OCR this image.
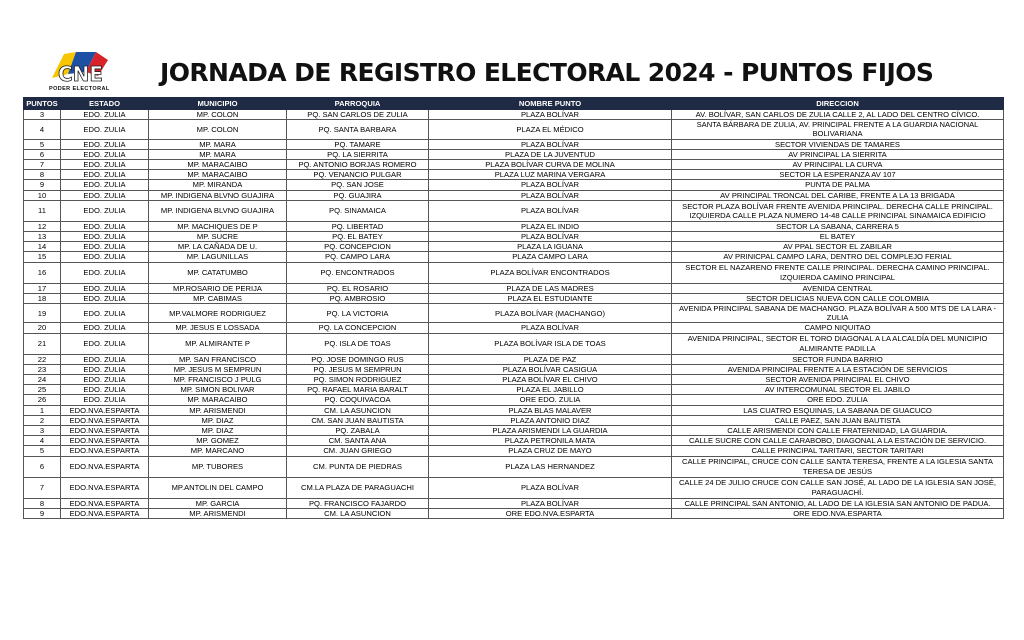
CNE
PODER ELECTORAL
JORNADA DE REGISTRO ELECTORAL 2024 - PUNTOS FIJOS
PUNTOS	ESTADO	MUNICIPIO	PARROQUIA	NOMBRE PUNTO	DIRECCION
3	EDO. ZULIA	MP. COLON	PQ. SAN CARLOS DE ZULIA	PLAZA BOLÍVAR	AV. BOLÍVAR, SAN CARLOS DE ZULIA CALLE 2, AL LADO DEL CENTRO CÍVICO.
4	EDO. ZULIA	MP. COLON	PQ. SANTA BARBARA	PLAZA EL MÉDICO	SANTA BÁRBARA DE ZULIA, AV. PRINCIPAL FRENTE A LA GUARDIA NACIONAL BOLIVARIANA
5	EDO. ZULIA	MP. MARA	PQ. TAMARE	PLAZA BOLÍVAR	SECTOR VIVIENDAS DE TAMARES
6	EDO. ZULIA	MP. MARA	PQ. LA SIERRITA	PLAZA DE LA JUVENTUD	AV PRINCIPAL LA SIERRITA
7	EDO. ZULIA	MP. MARACAIBO	PQ. ANTONIO BORJAS ROMERO	PLAZA BOLÍVAR CURVA DE MOLINA	AV PRINCIPAL LA CURVA
8	EDO. ZULIA	MP. MARACAIBO	PQ. VENANCIO PULGAR	PLAZA LUZ MARINA VERGARA	SECTOR LA ESPERANZA AV 107
9	EDO. ZULIA	MP. MIRANDA	PQ. SAN JOSE	PLAZA BOLÍVAR	PUNTA DE PALMA
10	EDO. ZULIA	MP. INDIGENA BLVNO GUAJIRA	PQ. GUAJIRA	PLAZA BOLÍVAR	AV PRINCIPAL TRONCAL DEL CARIBE, FRENTE A LA 13 BRIGADA
11	EDO. ZULIA	MP. INDIGENA BLVNO GUAJIRA	PQ. SINAMAICA	PLAZA BOLÍVAR	SECTOR PLAZA BOLÍVAR FRENTE AVENIDA PRINCIPAL. DERECHA CALLE PRINCIPAL. IZQUIERDA CALLE PLAZA NUMERO 14-48 CALLE PRINCIPAL SINAMAICA EDIFICIO
12	EDO. ZULIA	MP. MACHIQUES DE P	PQ. LIBERTAD	PLAZA EL INDIO	SECTOR LA SABANA, CARRERA 5
13	EDO. ZULIA	MP. SUCRE	PQ. EL BATEY	PLAZA BOLÍVAR	EL BATEY
14	EDO. ZULIA	MP. LA CAÑADA DE U.	PQ. CONCEPCION	PLAZA LA IGUANA	AV PPAL SECTOR EL ZABILAR
15	EDO. ZULIA	MP. LAGUNILLAS	PQ. CAMPO LARA	PLAZA CAMPO LARA	AV PRINICPAL CAMPO LARA, DENTRO DEL COMPLEJO FERIAL
16	EDO. ZULIA	MP. CATATUMBO	PQ. ENCONTRADOS	PLAZA BOLÍVAR ENCONTRADOS	SECTOR EL NAZARENO FRENTE CALLE PRINCIPAL. DERECHA CAMINO PRINCIPAL. IZQUIERDA CAMINO PRINCIPAL
17	EDO. ZULIA	MP.ROSARIO DE PERIJA	PQ. EL ROSARIO	PLAZA DE LAS MADRES	AVENIDA CENTRAL
18	EDO. ZULIA	MP. CABIMAS	PQ. AMBROSIO	PLAZA EL ESTUDIANTE	SECTOR DELICIAS NUEVA CON CALLE COLOMBIA
19	EDO. ZULIA	MP.VALMORE RODRIGUEZ	PQ. LA VICTORIA	PLAZA BOLÍVAR (MACHANGO)	AVENIDA PRINCIPAL SABANA DE MACHANGO. PLAZA BOLÍVAR A 500 MTS DE LA LARA - ZULIA
20	EDO. ZULIA	MP. JESUS E LOSSADA	PQ. LA CONCEPCION	PLAZA BOLÍVAR	CAMPO NIQUITAO
21	EDO. ZULIA	MP. ALMIRANTE P	PQ. ISLA DE TOAS	PLAZA BOLÍVAR ISLA DE TOAS	AVENIDA PRINCIPAL, SECTOR EL TORO DIAGONAL A LA ALCALDÍA DEL MUNICIPIO ALMIRANTE PADILLA
22	EDO. ZULIA	MP. SAN FRANCISCO	PQ. JOSE DOMINGO RUS	PLAZA DE PAZ	SECTOR FUNDA BARRIO
23	EDO. ZULIA	MP. JESUS M SEMPRUN	PQ. JESUS M SEMPRUN	PLAZA BOLÍVAR CASIGUA	AVENIDA PRINCIPAL FRENTE A LA ESTACIÓN DE SERVICIOS
24	EDO. ZULIA	MP. FRANCISCO J PULG	PQ. SIMON RODRIGUEZ	PLAZA BOLÍVAR EL CHIVO	SECTOR AVENIDA PRINCIPAL EL CHIVO
25	EDO. ZULIA	MP. SIMON BOLIVAR	PQ. RAFAEL MARIA BARALT	PLAZA EL JABILLO	AV INTERCOMUNAL SECTOR EL JABILO
26	EDO. ZULIA	MP. MARACAIBO	PQ. COQUIVACOA	ORE EDO. ZULIA	ORE EDO. ZULIA
1	EDO.NVA.ESPARTA	MP. ARISMENDI	CM. LA ASUNCION	PLAZA BLAS MALAVER	LAS CUATRO ESQUINAS, LA SABANA DE GUACUCO
2	EDO.NVA.ESPARTA	MP. DIAZ	CM. SAN JUAN BAUTISTA	PLAZA ANTONIO DIAZ	CALLE PAEZ, SAN JUAN BAUTISTA
3	EDO.NVA.ESPARTA	MP. DIAZ	PQ. ZABALA	PLAZA ARISMENDI LA GUARDIA	CALLE ARISMENDI CON CALLE FRATERNIDAD, LA GUARDIA.
4	EDO.NVA.ESPARTA	MP. GOMEZ	CM. SANTA ANA	PLAZA PETRONILA MATA	CALLE SUCRE CON CALLE CARABOBO, DIAGONAL A LA ESTACIÓN DE SERVICIO.
5	EDO.NVA.ESPARTA	MP. MARCANO	CM. JUAN GRIEGO	PLAZA CRUZ DE MAYO	CALLE PRINCIPAL TARITARI, SECTOR TARITARI
6	EDO.NVA.ESPARTA	MP. TUBORES	CM. PUNTA DE PIEDRAS	PLAZA LAS HERNANDEZ	CALLE PRINCIPAL, CRUCE CON CALLE SANTA TERESA, FRENTE A LA IGLESIA SANTA TERESA DE JESÚS
7	EDO.NVA.ESPARTA	MP.ANTOLIN DEL CAMPO	CM.LA PLAZA DE PARAGUACHI	PLAZA BOLÍVAR	CALLE 24 DE JULIO CRUCE CON CALLE SAN JOSÉ, AL LADO DE LA IGLESIA SAN JOSÉ, PARAGUACHÍ.
8	EDO.NVA.ESPARTA	MP. GARCIA	PQ. FRANCISCO FAJARDO	PLAZA BOLÍVAR	CALLE PRINCIPAL SAN ANTONIO, AL LADO DE LA IGLESIA SAN ANTONIO DE PADUA.
9	EDO.NVA.ESPARTA	MP. ARISMENDI	CM. LA ASUNCION	ORE EDO.NVA.ESPARTA	ORE EDO.NVA.ESPARTA
